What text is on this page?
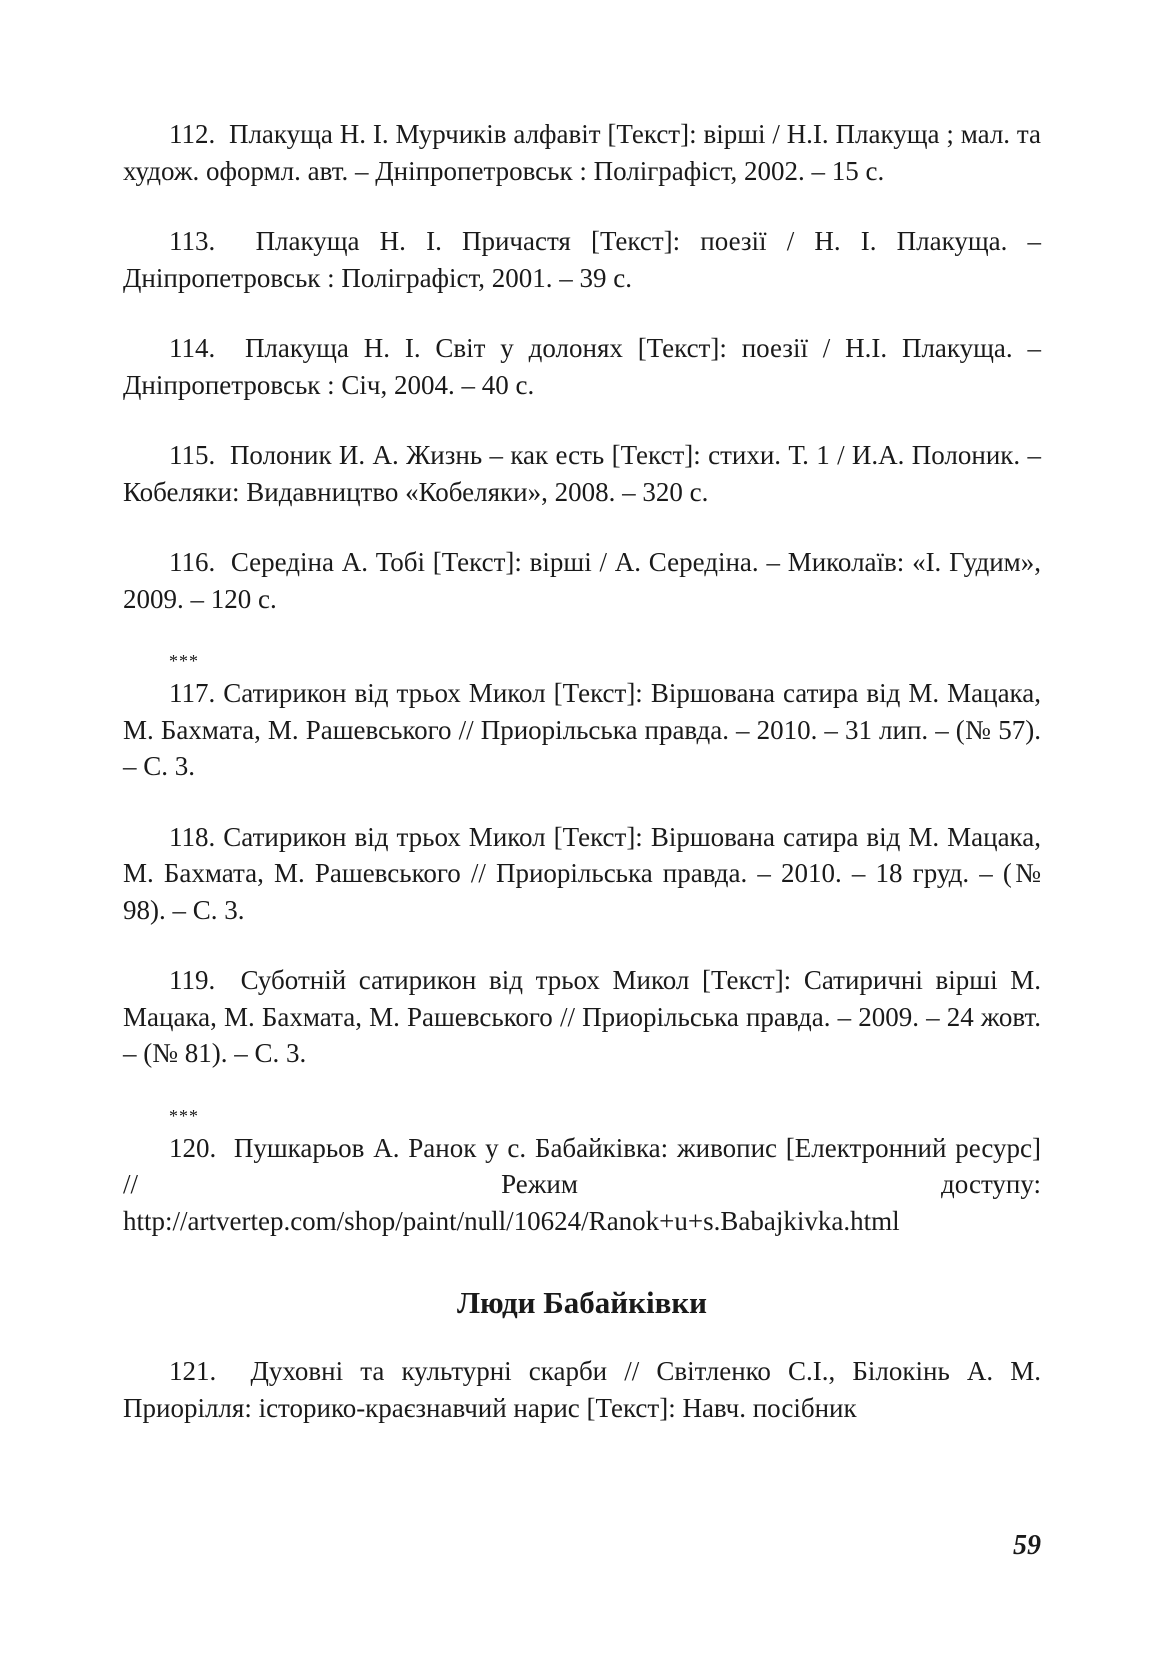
112. Плакуща Н. І. Мурчиків алфавіт [Текст]: вірші / Н.І. Плакуща ; мал. та худож. оформл. авт. – Дніпропетровськ : Поліграфіст, 2002. – 15 с.

113. Плакуща Н. І. Причастя [Текст]: поезії / Н. І. Плакуща. – Дніпропетровськ : Поліграфіст, 2001. – 39 с.

114. Плакуща Н. І. Світ у долонях [Текст]: поезії / Н.І. Плакуща. – Дніпропетровськ : Січ, 2004. – 40 с.

115. Полоник И. А. Жизнь – как есть [Текст]: стихи. Т. 1 / И.А. Полоник. – Кобеляки: Видавництво «Кобеляки», 2008. – 320 с.

116. Середіна А. Тобі [Текст]: вірші / А. Середіна. – Миколаїв: «І. Гудим», 2009. – 120 с.

***

117. Сатирикон від трьох Микол [Текст]: Віршована сатира від М. Мацака, М. Бахмата, М. Рашевського // Приорільська правда. – 2010. – 31 лип. – (№ 57). – С. 3.

118. Сатирикон від трьох Микол [Текст]: Віршована сатира від М. Мацака, М. Бахмата, М. Рашевського // Приорільська правда. – 2010. – 18 груд. – (№ 98). – С. 3.

119. Суботній сатирикон від трьох Микол [Текст]: Сатиричні вірші М. Мацака, М. Бахмата, М. Рашевського // Приорільська правда. – 2009. – 24 жовт. – (№ 81). – С. 3.

***

120. Пушкарьов А. Ранок у с. Бабайківка: живопис [Електронний ресурс] // Режим доступу: http://artvertep.com/shop/paint/null/10624/Ranok+u+s.Babajkivka.html

Люди Бабайківки

121. Духовні та культурні скарби // Світленко С.І., Білокінь А. М. Приорілля: історико-краєзнавчий нарис [Текст]: Навч. посібник

59
